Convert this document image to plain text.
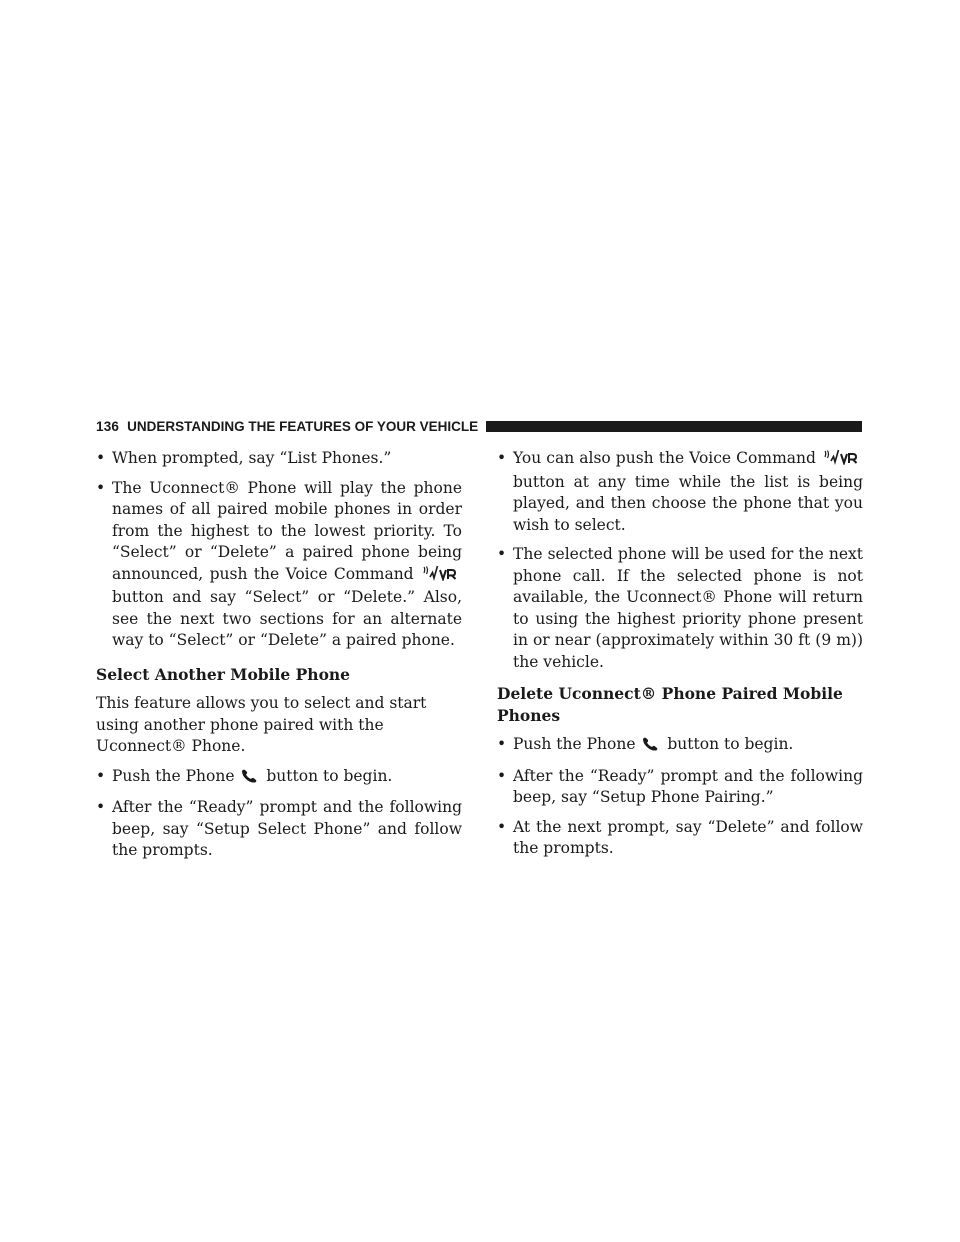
136 UNDERSTANDING THE FEATURES OF YOUR VEHICLE

• When prompted, say “List Phones.”

• The Uconnect® Phone will play the phone names of all paired mobile phones in order from the highest to the lowest priority. To “Select” or “Delete” a paired phone being announced, push the Voice Command  button and say “Select” or “Delete.” Also, see the next two sections for an alternate way to “Select” or “Delete” a paired phone.

Select Another Mobile Phone

This feature allows you to select and start using another phone paired with the Uconnect® Phone.

• Push the Phone button to begin.

• After the “Ready” prompt and the following beep, say “Setup Select Phone” and follow the prompts.

• You can also push the Voice Command  button at any time while the list is being played, and then choose the phone that you wish to select.

• The selected phone will be used for the next phone call. If the selected phone is not available, the Uconnect® Phone will return to using the highest priority phone present in or near (approximately within 30 ft (9 m)) the vehicle.

Delete Uconnect® Phone Paired Mobile Phones

• Push the Phone button to begin.

• After the “Ready” prompt and the following beep, say “Setup Phone Pairing.”

• At the next prompt, say “Delete” and follow the prompts.
